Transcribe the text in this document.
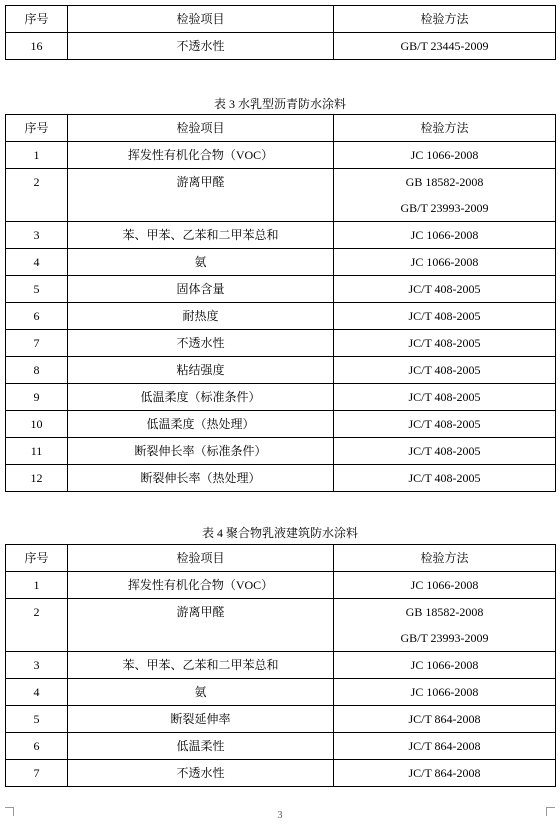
序号	检验项目	检验方法
16	不透水性	GB/T 23445-2009
表 3 水乳型沥青防水涂料
序号	检验项目	检验方法
1	挥发性有机化合物（VOC）	JC 1066-2008

2	游离甲醛	GB 18582-2008
GB/T 23993-2009

3	苯、甲苯、乙苯和二甲苯总和	JC 1066-2008

4	氨	JC 1066-2008

5	固体含量	JC/T 408-2005

6	耐热度	JC/T 408-2005

7	不透水性	JC/T 408-2005

8	粘结强度	JC/T 408-2005

9	低温柔度（标准条件）	JC/T 408-2005

10	低温柔度（热处理）	JC/T 408-2005

11	断裂伸长率（标准条件）	JC/T 408-2005

12	断裂伸长率（热处理）	JC/T 408-2005
表 4 聚合物乳液建筑防水涂料
序号	检验项目	检验方法
1	挥发性有机化合物（VOC）	JC 1066-2008

2	游离甲醛	GB 18582-2008
GB/T 23993-2009

3	苯、甲苯、乙苯和二甲苯总和	JC 1066-2008

4	氨	JC 1066-2008

5	断裂延伸率	JC/T 864-2008

6	低温柔性	JC/T 864-2008

7	不透水性	JC/T 864-2008
3
